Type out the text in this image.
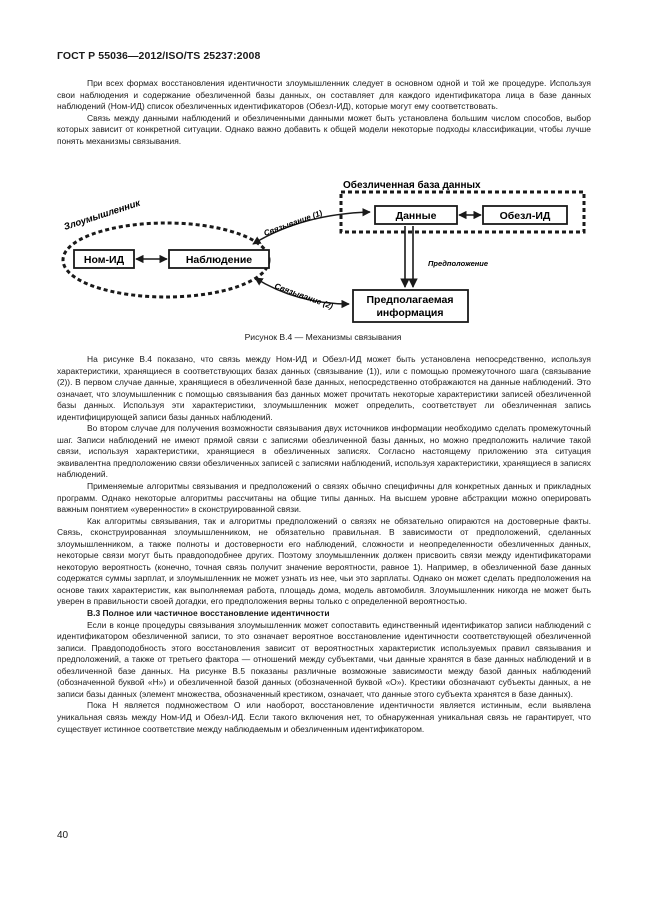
ГОСТ Р 55036—2012/ISO/TS 25237:2008

При всех формах восстановления идентичности злоумышленник следует в основном одной и той же процедуре. Используя свои наблюдения и содержание обезличенной базы данных, он составляет для каждого идентификатора лица в базе данных наблюдений (Ном-ИД) список обезличенных идентификаторов (Обезл-ИД), которые могут ему соответствовать.

Связь между данными наблюдений и обезличенными данными может быть установлена большим числом способов, выбор которых зависит от конкретной ситуации. Однако важно добавить к общей модели некоторые подходы классификации, чтобы лучше понять механизмы связывания.

Обезличенная база данных
Данные	Обезл-ИД
Злоумышленник
Ном-ИД	Наблюдение
Связывание (1)
Предполагаемая
информация
Предположение
Связывание (2)
Рисунок В.4 — Механизмы связывания

На рисунке В.4 показано, что связь между Ном-ИД и Обезл-ИД может быть установлена непосредственно, используя характеристики, хранящиеся в соответствующих базах данных (связывание (1)), или с помощью промежуточного шага (связывание (2)). В первом случае данные, хранящиеся в обезличенной базе данных, непосредственно отображаются на данные наблюдений. Это означает, что злоумышленник с помощью связывания баз данных может прочитать некоторые характеристики записей обезличенной базы данных. Используя эти характеристики, злоумышленник может определить, соответствует ли обезличенная запись идентифицирующей записи базы данных наблюдений.

Во втором случае для получения возможности связывания двух источников информации необходимо сделать промежуточный шаг. Записи наблюдений не имеют прямой связи с записями обезличенной базы данных, но можно предположить наличие такой связи, используя характеристики, хранящиеся в обезличенных записях. Согласно настоящему приложению эта ситуация эквивалентна предположению связи обезличенных записей с записями наблюдений, используя характеристики, хранящиеся в записях наблюдений.

Применяемые алгоритмы связывания и предположений о связях обычно специфичны для конкретных данных и прикладных программ. Однако некоторые алгоритмы рассчитаны на общие типы данных. На высшем уровне абстракции можно оперировать важным понятием «уверенности» в сконструированной связи.

Как алгоритмы связывания, так и алгоритмы предположений о связях не обязательно опираются на достоверные факты. Связь, сконструированная злоумышленником, не обязательно правильная. В зависимости от предположений, сделанных злоумышленником, а также полноты и достоверности его наблюдений, сложности и неопределенности обезличенных данных, некоторые связи могут быть правдоподобнее других. Поэтому злоумышленник должен присвоить связи между идентификаторами некоторую вероятность (конечно, точная связь получит значение вероятности, равное 1). Например, в обезличенной базе данных содержатся суммы зарплат, и злоумышленник не может узнать из нее, чьи это зарплаты. Однако он может сделать предположения на основе таких характеристик, как выполняемая работа, площадь дома, модель автомобиля. Злоумышленник никогда не может быть уверен в правильности своей догадки, его предположения верны только с определенной вероятностью.

В.3 Полное или частичное восстановление идентичности

Если в конце процедуры связывания злоумышленник может сопоставить единственный идентификатор записи наблюдений с идентификатором обезличенной записи, то это означает вероятное восстановление идентичности соответствующей обезличенной записи. Правдоподобность этого восстановления зависит от вероятностных характеристик используемых правил связывания и предположений, а также от третьего фактора — отношений между субъектами, чьи данные хранятся в базе данных наблюдений и в обезличенной базе данных. На рисунке В.5 показаны различные возможные зависимости между базой данных наблюдений (обозначенной буквой «Н») и обезличенной базой данных (обозначенной буквой «О»). Крестики обозначают субъекты данных, а не записи базы данных (элемент множества, обозначенный крестиком, означает, что данные этого субъекта хранятся в базе данных).

Пока Н является подмножеством О или наоборот, восстановление идентичности является истинным, если выявлена уникальная связь между Ном-ИД и Обезл-ИД. Если такого включения нет, то обнаруженная уникальная связь не гарантирует, что существует истинное соответствие между наблюдаемым и обезличенным идентификатором.

40
